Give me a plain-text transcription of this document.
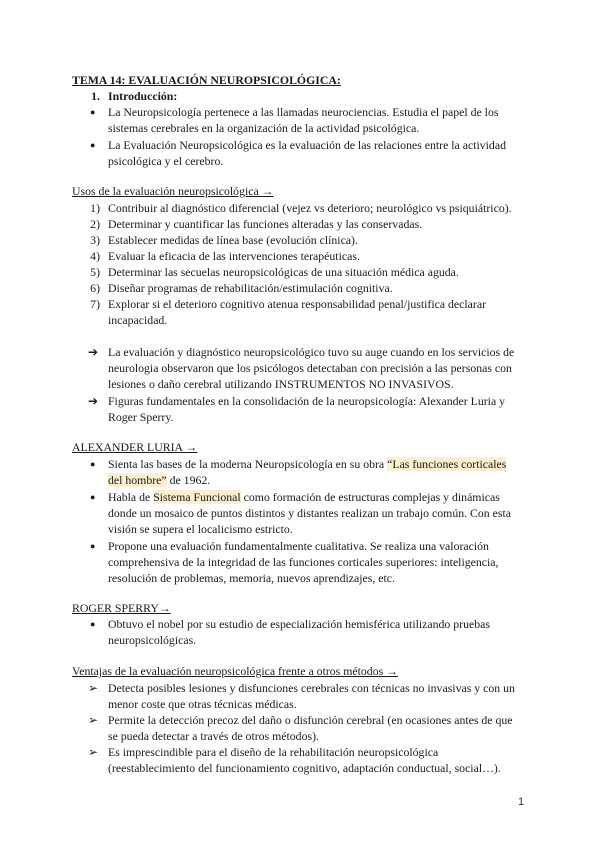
TEMA 14: EVALUACIÓN NEUROPSICOLÓGICA:
1. Introducción:
● La Neuropsicología pertenece a las llamadas neurociencias. Estudia el papel de los
sistemas cerebrales en la organización de la actividad psicológica.
● La Evaluación Neuropsicológica es la evaluación de las relaciones entre la actividad
psicológica y el cerebro.
Usos de la evaluación neuropsicológica →
1) Contribuir al diagnóstico diferencial (vejez vs deterioro; neurológico vs psiquiátrico).
2) Determinar y cuantificar las funciones alteradas y las conservadas.
3) Establecer medidas de línea base (evolución clínica).
4) Evaluar la eficacia de las intervenciones terapéuticas.
5) Determinar las secuelas neuropsicológicas de una situación médica aguda.
6) Diseñar programas de rehabilitación/estimulación cognitiva.
7) Explorar si el deterioro cognitivo atenua responsabilidad penal/justifica declarar
incapacidad.
➔ La evaluación y diagnóstico neuropsicológico tuvo su auge cuando en los servicios de
neurologia observaron que los psicólogos detectaban con precisión a las personas con
lesiones o daño cerebral utilizando INSTRUMENTOS NO INVASIVOS.
➔ Figuras fundamentales en la consolidación de la neuropsicología: Alexander Luria y
Roger Sperry.
ALEXANDER LURIA →
● Sienta las bases de la moderna Neuropsicología en su obra “Las funciones corticales
del hombre” de 1962.
● Habla de Sistema Funcional como formación de estructuras complejas y dinámicas
donde un mosaico de puntos distintos y distantes realizan un trabajo común. Con esta
visión se supera el localicismo estricto.
● Propone una evaluación fundamentalmente cualitativa. Se realiza una valoración
comprehensiva de la integridad de las funciones corticales superiores: inteligencia,
resolución de problemas, memoria, nuevos aprendizajes, etc.
ROGER SPERRY→
● Obtuvo el nobel por su estudio de especialización hemisférica utilizando pruebas
neuropsicológicas.
Ventajas de la evaluación neuropsicológica frente a otros métodos →
➢ Detecta posibles lesiones y disfunciones cerebrales con técnicas no invasivas y con un
menor coste que otras técnicas médicas.
➢ Permite la detección precoz del daño o disfunción cerebral (en ocasiones antes de que
se pueda detectar a través de otros métodos).
➢ Es imprescindible para el diseño de la rehabilitación neuropsicológica
(reestablecimiento del funcionamiento cognitivo, adaptación conductual, social…).
1
